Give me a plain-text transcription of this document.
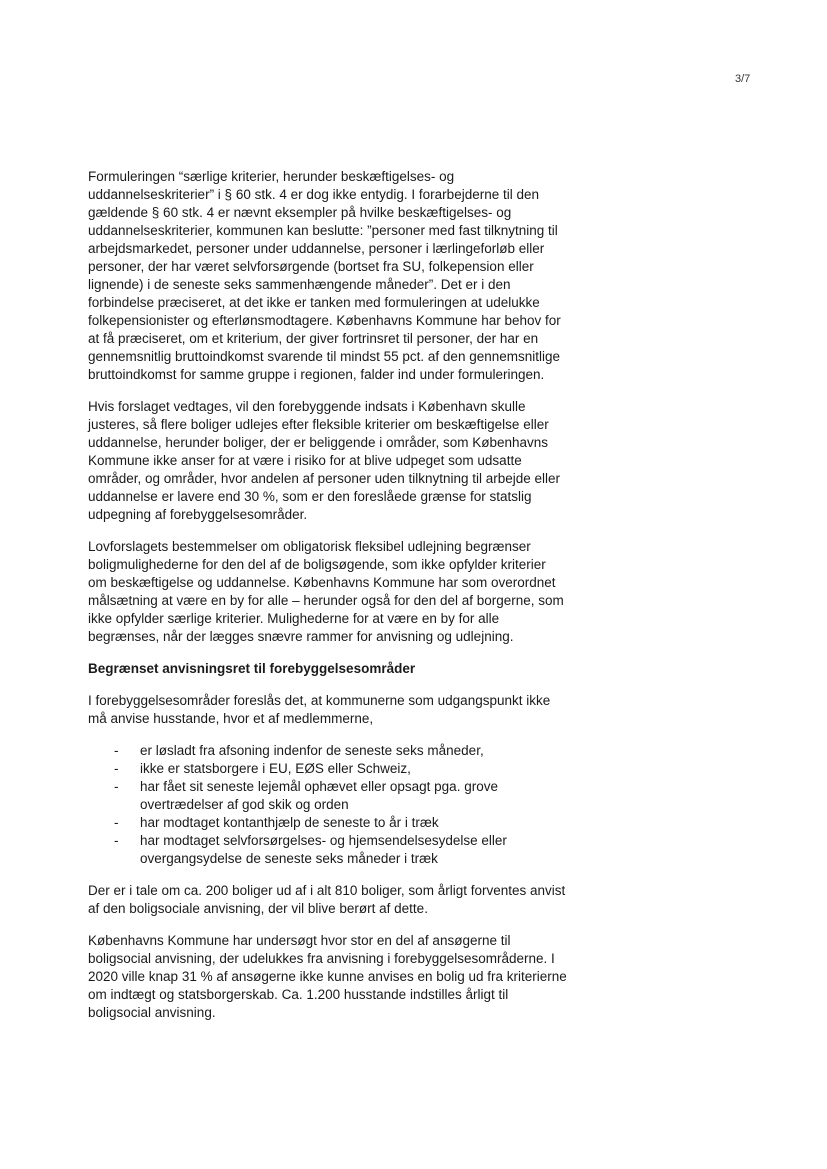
3/7

Formuleringen “særlige kriterier, herunder beskæftigelses- og uddannelseskriterier” i § 60 stk. 4 er dog ikke entydig. I forarbejderne til den gældende § 60 stk. 4 er nævnt eksempler på hvilke beskæftigelses- og uddannelseskriterier, kommunen kan beslutte: ”personer med fast tilknytning til arbejdsmarkedet, personer under uddannelse, personer i lærlingeforløb eller personer, der har været selvforsørgende (bortset fra SU, folkepension eller lignende) i de seneste seks sammenhængende måneder”. Det er i den forbindelse præciseret, at det ikke er tanken med formuleringen at udelukke folkepensionister og efterlønsmodtagere. Københavns Kommune har behov for at få præciseret, om et kriterium, der giver fortrinsret til personer, der har en gennemsnitlig bruttoindkomst svarende til mindst 55 pct. af den gennemsnitlige bruttoindkomst for samme gruppe i regionen, falder ind under formuleringen.

Hvis forslaget vedtages, vil den forebyggende indsats i København skulle justeres, så flere boliger udlejes efter fleksible kriterier om beskæftigelse eller uddannelse, herunder boliger, der er beliggende i områder, som Københavns Kommune ikke anser for at være i risiko for at blive udpeget som udsatte områder, og områder, hvor andelen af personer uden tilknytning til arbejde eller uddannelse er lavere end 30 %, som er den foreslåede grænse for statslig udpegning af forebyggelsesområder.

Lovforslagets bestemmelser om obligatorisk fleksibel udlejning begrænser boligmulighederne for den del af de boligsøgende, som ikke opfylder kriterier om beskæftigelse og uddannelse. Københavns Kommune har som overordnet målsætning at være en by for alle – herunder også for den del af borgerne, som ikke opfylder særlige kriterier. Mulighederne for at være en by for alle begrænses, når der lægges snævre rammer for anvisning og udlejning.

Begrænset anvisningsret til forebyggelsesområder

I forebyggelsesområder foreslås det, at kommunerne som udgangspunkt ikke må anvise husstande, hvor et af medlemmerne,

- er løsladt fra afsoning indenfor de seneste seks måneder,
- ikke er statsborgere i EU, EØS eller Schweiz,
- har fået sit seneste lejemål ophævet eller opsagt pga. grove overtrædelser af god skik og orden
- har modtaget kontanthjælp de seneste to år i træk
- har modtaget selvforsørgelses- og hjemsendelsesydelse eller overgangsydelse de seneste seks måneder i træk

Der er i tale om ca. 200 boliger ud af i alt 810 boliger, som årligt forventes anvist af den boligsociale anvisning, der vil blive berørt af dette.

Københavns Kommune har undersøgt hvor stor en del af ansøgerne til boligsocial anvisning, der udelukkes fra anvisning i forebyggelsesområderne. I 2020 ville knap 31 % af ansøgerne ikke kunne anvises en bolig ud fra kriterierne om indtægt og statsborgerskab. Ca. 1.200 husstande indstilles årligt til boligsocial anvisning.
